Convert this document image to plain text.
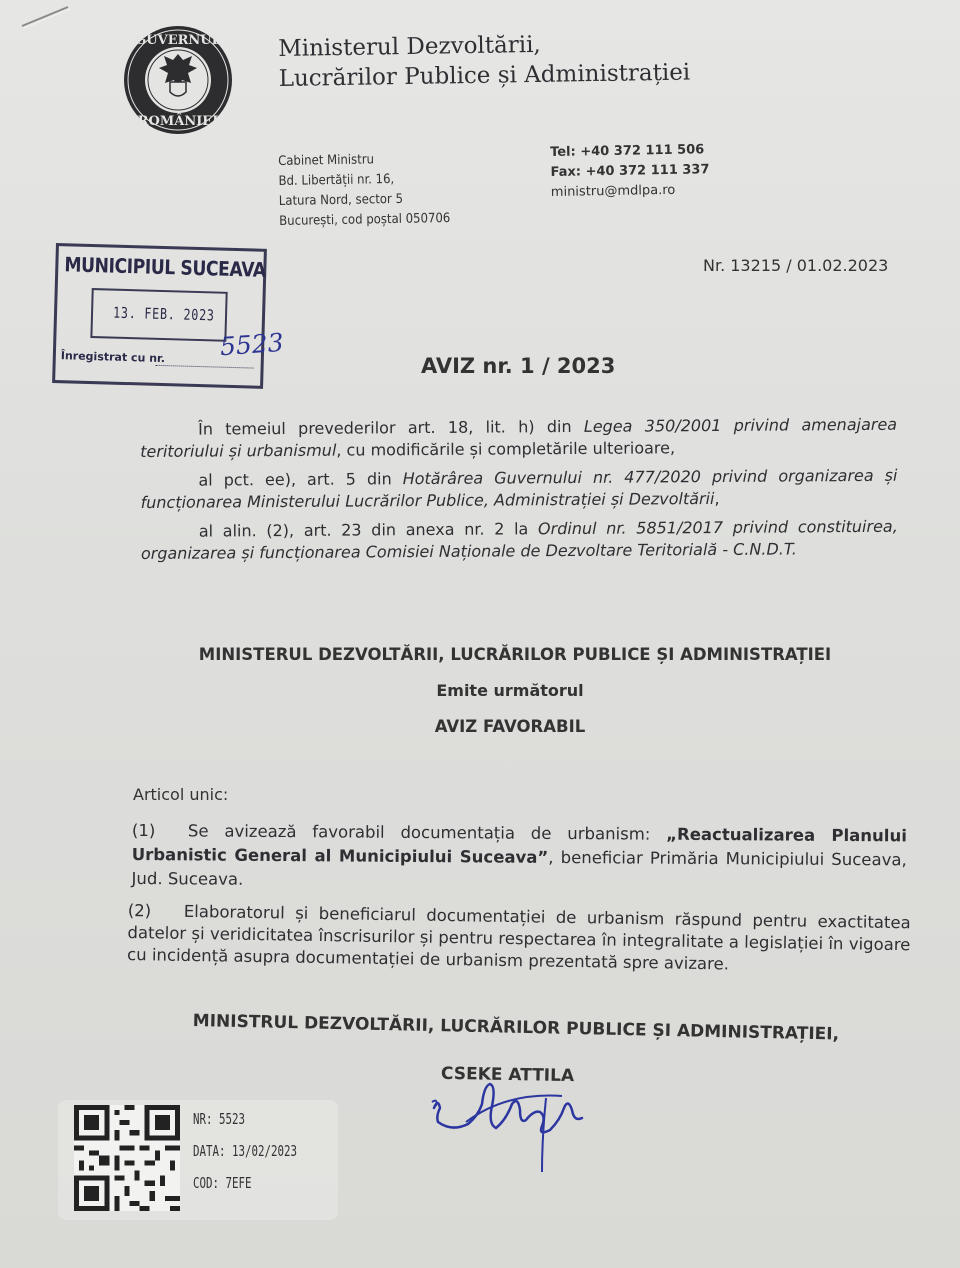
GUVERNUL
ROMÂNIEI
Ministerul Dezvoltării,
Lucrărilor Publice și Administrației
Cabinet Ministru
Bd. Libertății nr. 16,
Latura Nord, sector 5
București, cod poștal 050706
Tel: +40 372 111 506
Fax: +40 372 111 337
ministru@mdlpa.ro
Nr. 13215 / 01.02.2023
MUNICIPIUL SUCEAVA
13. FEB. 2023
Înregistrat cu nr. 5523
AVIZ nr. 1 / 2023

În temeiul prevederilor art. 18, lit. h) din Legea 350/2001 privind amenajarea teritoriului și urbanismul, cu modificările și completările ulterioare,

al pct. ee), art. 5 din Hotărârea Guvernului nr. 477/2020 privind organizarea și funcționarea Ministerului Lucrărilor Publice, Administrației și Dezvoltării,

al alin. (2), art. 23 din anexa nr. 2 la Ordinul nr. 5851/2017 privind constituirea, organizarea și funcționarea Comisiei Naționale de Dezvoltare Teritorială - C.N.D.T.

MINISTERUL DEZVOLTĂRII, LUCRĂRILOR PUBLICE ȘI ADMINISTRAȚIEI
Emite următorul
AVIZ FAVORABIL
Articol unic:
(1) Se avizează favorabil documentația de urbanism: „Reactualizarea Planului Urbanistic General al Municipiului Suceava”, beneficiar Primăria Municipiului Suceava, Jud. Suceava.
(2) Elaboratorul și beneficiarul documentației de urbanism răspund pentru exactitatea datelor și veridicitatea înscrisurilor și pentru respectarea în integralitate a legislației în vigoare cu incidență asupra documentației de urbanism prezentată spre avizare.
MINISTRUL DEZVOLTĂRII, LUCRĂRILOR PUBLICE ȘI ADMINISTRAȚIEI,
CSEKE ATTILA
NR: 5523
DATA: 13/02/2023
COD: 7EFE
